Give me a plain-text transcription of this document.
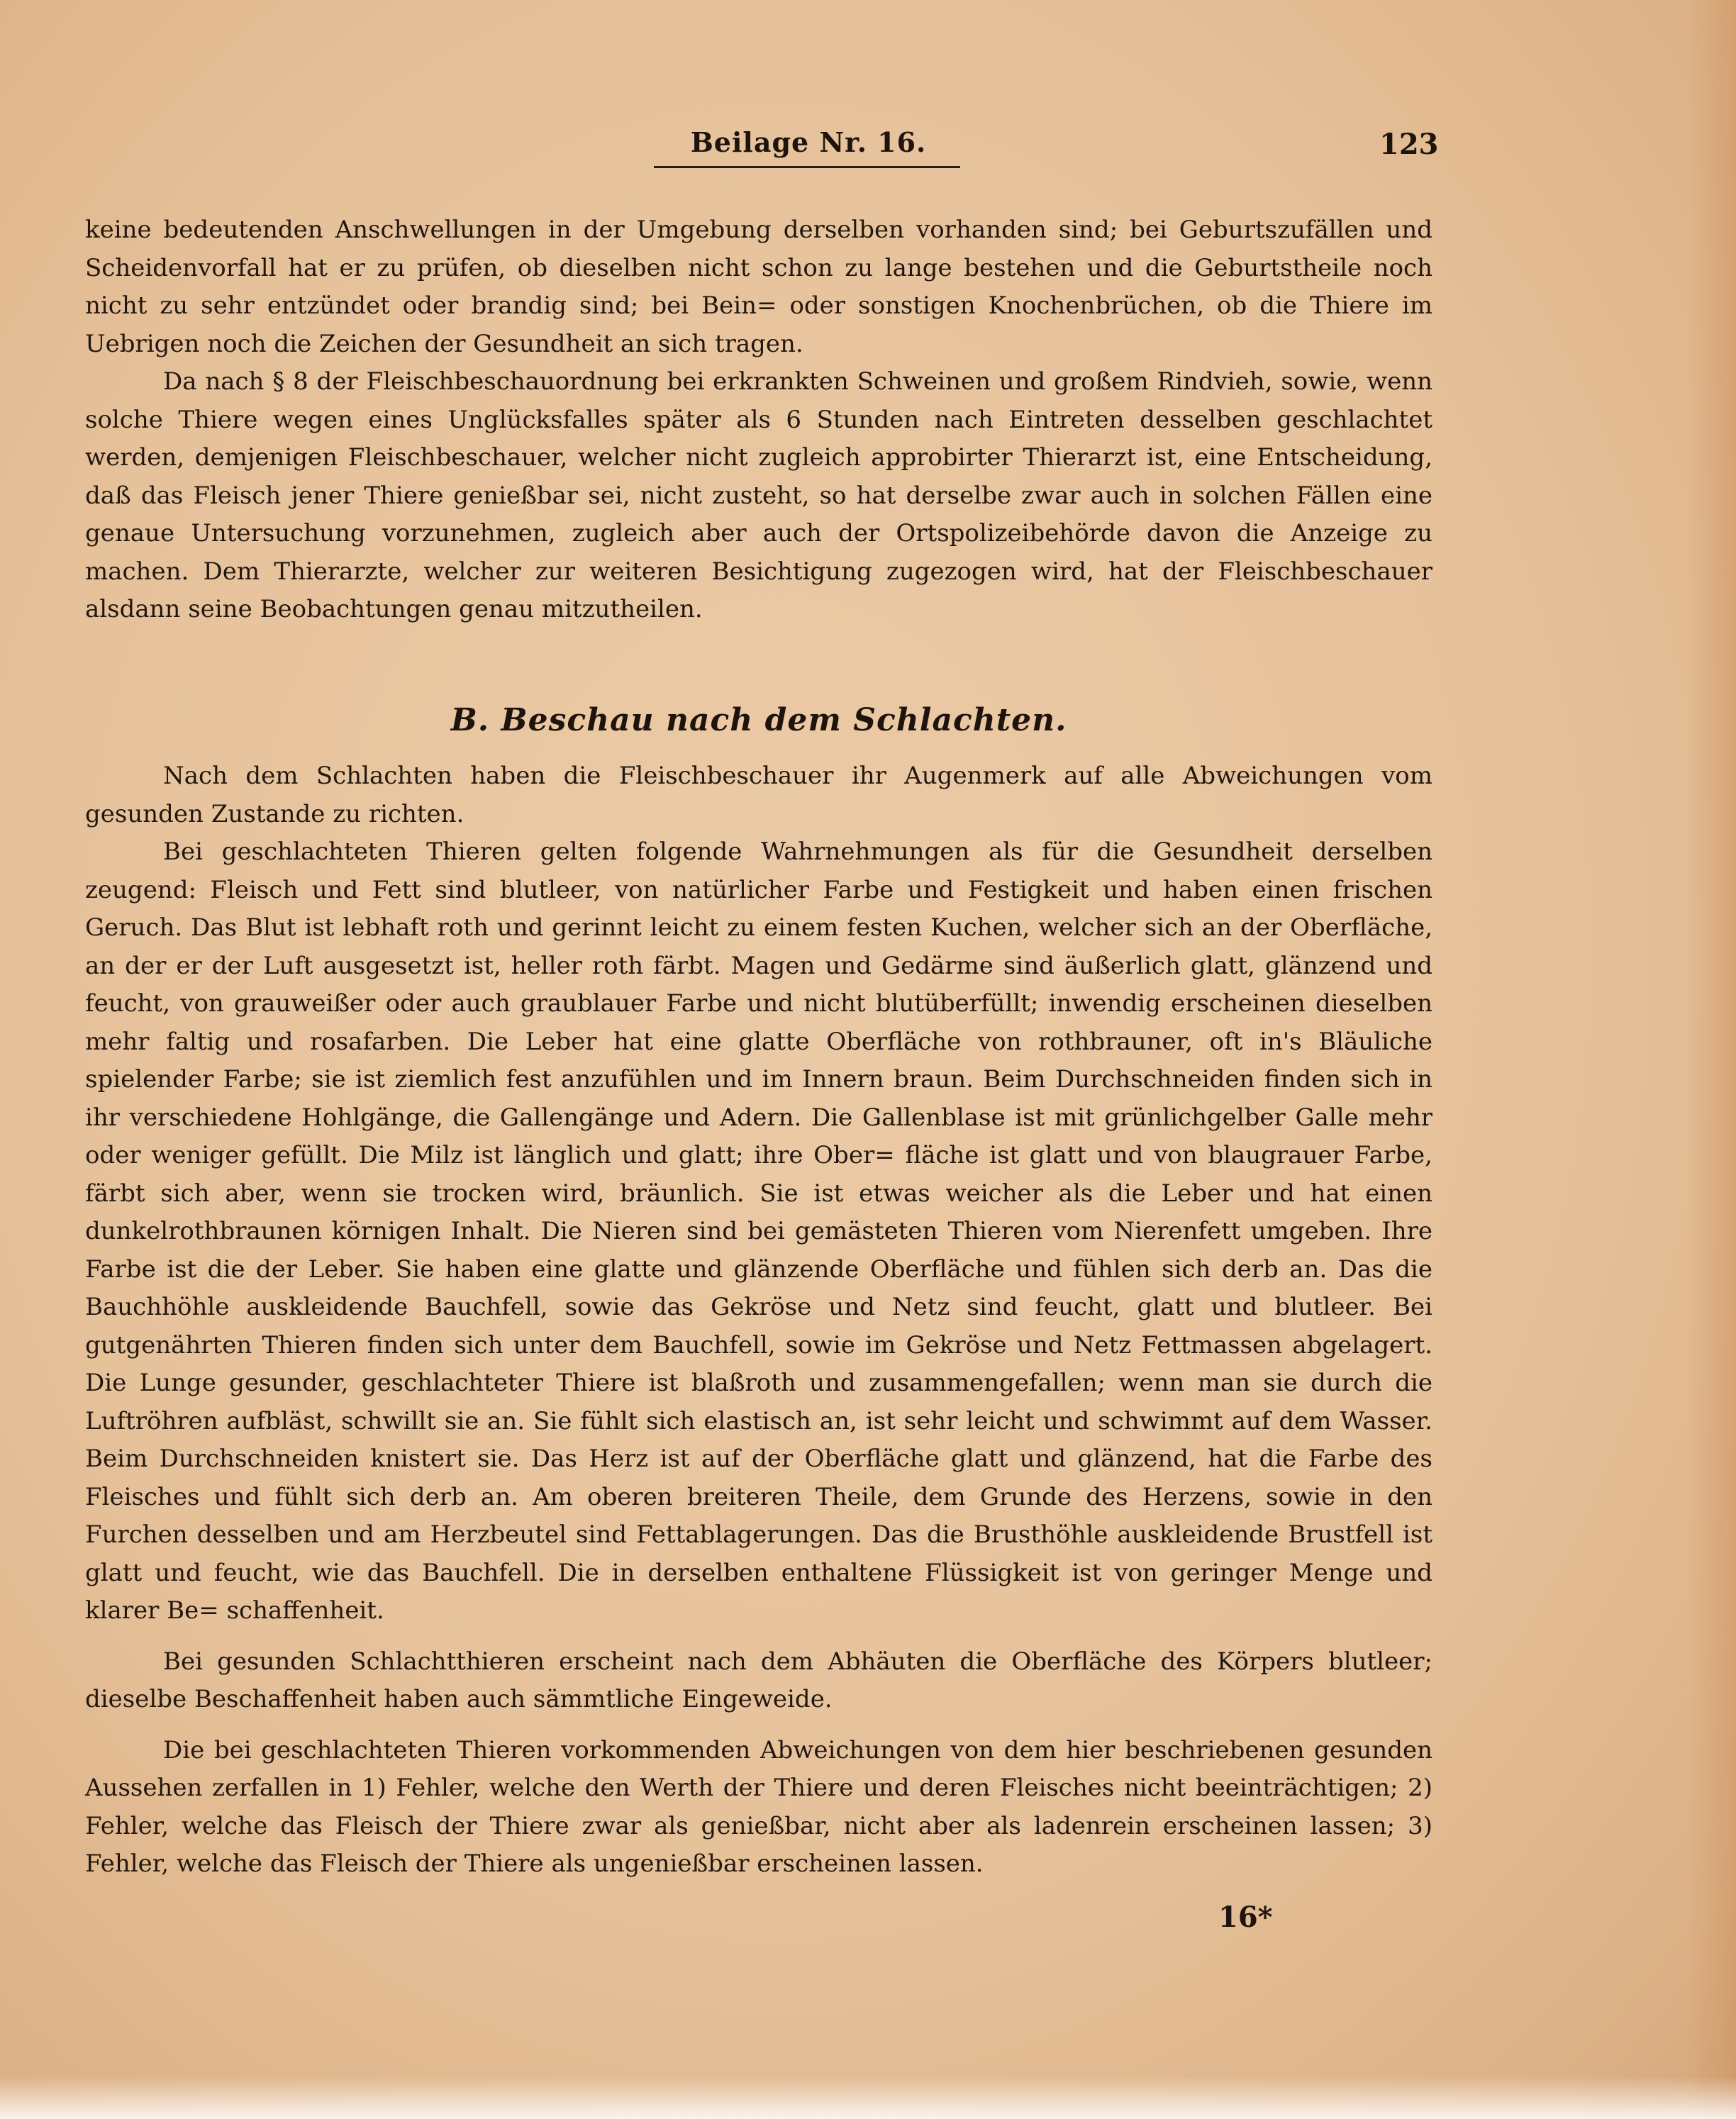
Beilage Nr. 16.	123

keine bedeutenden Anschwellungen in der Umgebung derselben vorhanden sind; bei Geburtszufällen und Scheidenvorfall hat er zu prüfen, ob dieselben nicht schon zu lange bestehen und die Geburtstheile noch nicht zu sehr entzündet oder brandig sind; bei Bein= oder sonstigen Knochenbrüchen, ob die Thiere im Uebrigen noch die Zeichen der Gesundheit an sich tragen.

Da nach § 8 der Fleischbeschauordnung bei erkrankten Schweinen und großem Rindvieh, sowie, wenn solche Thiere wegen eines Unglücksfalles später als 6 Stunden nach Eintreten desselben geschlachtet werden, demjenigen Fleischbeschauer, welcher nicht zugleich approbirter Thierarzt ist, eine Entscheidung, daß das Fleisch jener Thiere genießbar sei, nicht zusteht, so hat derselbe zwar auch in solchen Fällen eine genaue Untersuchung vorzunehmen, zugleich aber auch der Ortspolizeibehörde davon die Anzeige zu machen. Dem Thierarzte, welcher zur weiteren Besichtigung zugezogen wird, hat der Fleischbeschauer alsdann seine Beobachtungen genau mitzutheilen.

B. Beschau nach dem Schlachten.

Nach dem Schlachten haben die Fleischbeschauer ihr Augenmerk auf alle Abweichungen vom gesunden Zustande zu richten.

Bei geschlachteten Thieren gelten folgende Wahrnehmungen als für die Gesundheit derselben zeugend: Fleisch und Fett sind blutleer, von natürlicher Farbe und Festigkeit und haben einen frischen Geruch. Das Blut ist lebhaft roth und gerinnt leicht zu einem festen Kuchen, welcher sich an der Oberfläche, an der er der Luft ausgesetzt ist, heller roth färbt. Magen und Gedärme sind äußerlich glatt, glänzend und feucht, von grauweißer oder auch graublauer Farbe und nicht blutüberfüllt; inwendig erscheinen dieselben mehr faltig und rosafarben. Die Leber hat eine glatte Oberfläche von rothbrauner, oft in's Bläuliche spielender Farbe; sie ist ziemlich fest anzufühlen und im Innern braun. Beim Durchschneiden finden sich in ihr verschiedene Hohlgänge, die Gallengänge und Adern. Die Gallenblase ist mit grünlichgelber Galle mehr oder weniger gefüllt. Die Milz ist länglich und glatt; ihre Ober= fläche ist glatt und von blaugrauer Farbe, färbt sich aber, wenn sie trocken wird, bräunlich. Sie ist etwas weicher als die Leber und hat einen dunkelrothbraunen körnigen Inhalt. Die Nieren sind bei gemästeten Thieren vom Nierenfett umgeben. Ihre Farbe ist die der Leber. Sie haben eine glatte und glänzende Oberfläche und fühlen sich derb an. Das die Bauchhöhle auskleidende Bauchfell, sowie das Gekröse und Netz sind feucht, glatt und blutleer. Bei gutgenährten Thieren finden sich unter dem Bauchfell, sowie im Gekröse und Netz Fettmassen abgelagert. Die Lunge gesunder, geschlachteter Thiere ist blaßroth und zusammengefallen; wenn man sie durch die Luftröhren aufbläst, schwillt sie an. Sie fühlt sich elastisch an, ist sehr leicht und schwimmt auf dem Wasser. Beim Durchschneiden knistert sie. Das Herz ist auf der Oberfläche glatt und glänzend, hat die Farbe des Fleisches und fühlt sich derb an. Am oberen breiteren Theile, dem Grunde des Herzens, sowie in den Furchen desselben und am Herzbeutel sind Fettablagerungen. Das die Brusthöhle auskleidende Brustfell ist glatt und feucht, wie das Bauchfell. Die in derselben enthaltene Flüssigkeit ist von geringer Menge und klarer Be= schaffenheit.

Bei gesunden Schlachtthieren erscheint nach dem Abhäuten die Oberfläche des Körpers blutleer; dieselbe Beschaffenheit haben auch sämmtliche Eingeweide.

Die bei geschlachteten Thieren vorkommenden Abweichungen von dem hier beschriebenen gesunden Aussehen zerfallen in 1) Fehler, welche den Werth der Thiere und deren Fleisches nicht beeinträchtigen; 2) Fehler, welche das Fleisch der Thiere zwar als genießbar, nicht aber als ladenrein erscheinen lassen; 3) Fehler, welche das Fleisch der Thiere als ungenießbar erscheinen lassen.

16*
